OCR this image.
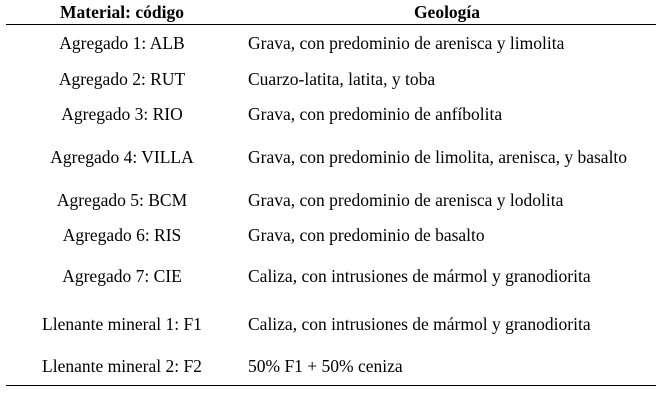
Material: código	Geología
Agregado 1: ALB	Grava, con predominio de arenisca y limolita
Agregado 2: RUT	Cuarzo-latita, latita, y toba
Agregado 3: RIO	Grava, con predominio de anfíbolita
Agregado 4: VILLA	Grava, con predominio de limolita, arenisca, y basalto
Agregado 5: BCM	Grava, con predominio de arenisca y lodolita
Agregado 6: RIS	Grava, con predominio de basalto
Agregado 7: CIE	Caliza, con intrusiones de mármol y granodiorita
Llenante mineral 1: F1	Caliza, con intrusiones de mármol y granodiorita
Llenante mineral 2: F2	50% F1 + 50% ceniza
